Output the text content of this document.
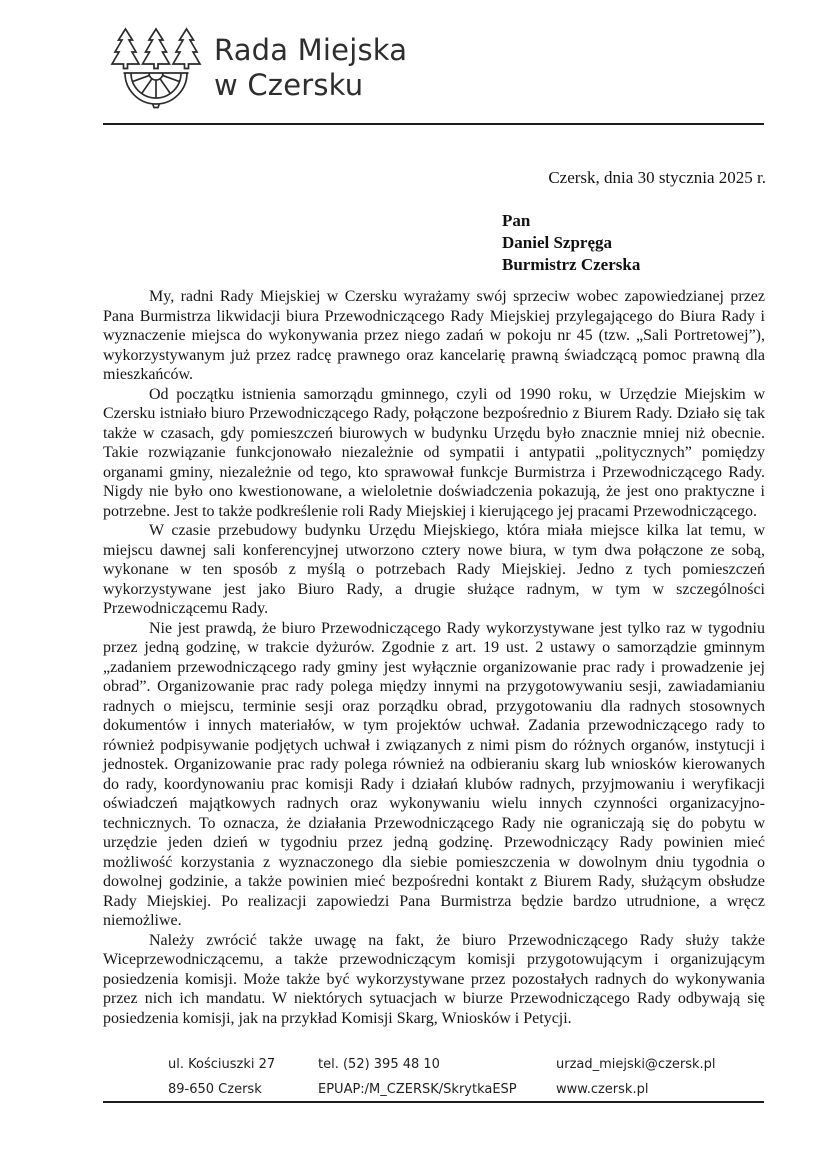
Rada Miejska
w Czersku
Czersk, dnia 30 stycznia 2025 r.
Pan
Daniel Szpręga
Burmistrz Czerska

My, radni Rady Miejskiej w Czersku wyrażamy swój sprzeciw wobec zapowiedzianej przez Pana Burmistrza likwidacji biura Przewodniczącego Rady Miejskiej przylegającego do Biura Rady i wyznaczenie miejsca do wykonywania przez niego zadań w pokoju nr 45 (tzw. „Sali Portretowej”), wykorzystywanym już przez radcę prawnego oraz kancelarię prawną świadczącą pomoc prawną dla mieszkańców.

Od początku istnienia samorządu gminnego, czyli od 1990 roku, w Urzędzie Miejskim w Czersku istniało biuro Przewodniczącego Rady, połączone bezpośrednio z Biurem Rady. Działo się tak także w czasach, gdy pomieszczeń biurowych w budynku Urzędu było znacznie mniej niż obecnie. Takie rozwiązanie funkcjonowało niezależnie od sympatii i antypatii „politycznych” pomiędzy organami gminy, niezależnie od tego, kto sprawował funkcje Burmistrza i Przewodniczącego Rady. Nigdy nie było ono kwestionowane, a wieloletnie doświadczenia pokazują, że jest ono praktyczne i potrzebne. Jest to także podkreślenie roli Rady Miejskiej i kierującego jej pracami Przewodniczącego.

W czasie przebudowy budynku Urzędu Miejskiego, która miała miejsce kilka lat temu, w miejscu dawnej sali konferencyjnej utworzono cztery nowe biura, w tym dwa połączone ze sobą, wykonane w ten sposób z myślą o potrzebach Rady Miejskiej. Jedno z tych pomieszczeń wykorzystywane jest jako Biuro Rady, a drugie służące radnym, w tym w szczególności Przewodniczącemu Rady.

Nie jest prawdą, że biuro Przewodniczącego Rady wykorzystywane jest tylko raz w tygodniu przez jedną godzinę, w trakcie dyżurów. Zgodnie z art. 19 ust. 2 ustawy o samorządzie gminnym „zadaniem przewodniczącego rady gminy jest wyłącznie organizowanie prac rady i prowadzenie jej obrad”. Organizowanie prac rady polega między innymi na przygotowywaniu sesji, zawiadamianiu radnych o miejscu, terminie sesji oraz porządku obrad, przygotowaniu dla radnych stosownych dokumentów i innych materiałów, w tym projektów uchwał. Zadania przewodniczącego rady to również podpisywanie podjętych uchwał i związanych z nimi pism do różnych organów, instytucji i jednostek. Organizowanie prac rady polega również na odbieraniu skarg lub wniosków kierowanych do rady, koordynowaniu prac komisji Rady i działań klubów radnych, przyjmowaniu i weryfikacji oświadczeń majątkowych radnych oraz wykonywaniu wielu innych czynności organizacyjno-technicznych. To oznacza, że działania Przewodniczącego Rady nie ograniczają się do pobytu w urzędzie jeden dzień w tygodniu przez jedną godzinę. Przewodniczący Rady powinien mieć możliwość korzystania z wyznaczonego dla siebie pomieszczenia w dowolnym dniu tygodnia o dowolnej godzinie, a także powinien mieć bezpośredni kontakt z Biurem Rady, służącym obsłudze Rady Miejskiej. Po realizacji zapowiedzi Pana Burmistrza będzie bardzo utrudnione, a wręcz niemożliwe.

Należy zwrócić także uwagę na fakt, że biuro Przewodniczącego Rady służy także Wiceprzewodniczącemu, a także przewodniczącym komisji przygotowującym i organizującym posiedzenia komisji. Może także być wykorzystywane przez pozostałych radnych do wykonywania przez nich ich mandatu. W niektórych sytuacjach w biurze Przewodniczącego Rady odbywają się posiedzenia komisji, jak na przykład Komisji Skarg, Wniosków i Petycji.

ul. Kościuszki 27
89-650 Czersk
tel. (52) 395 48 10
EPUAP:/M_CZERSK/SkrytkaESP
urzad_miejski@czersk.pl
www.czersk.pl
